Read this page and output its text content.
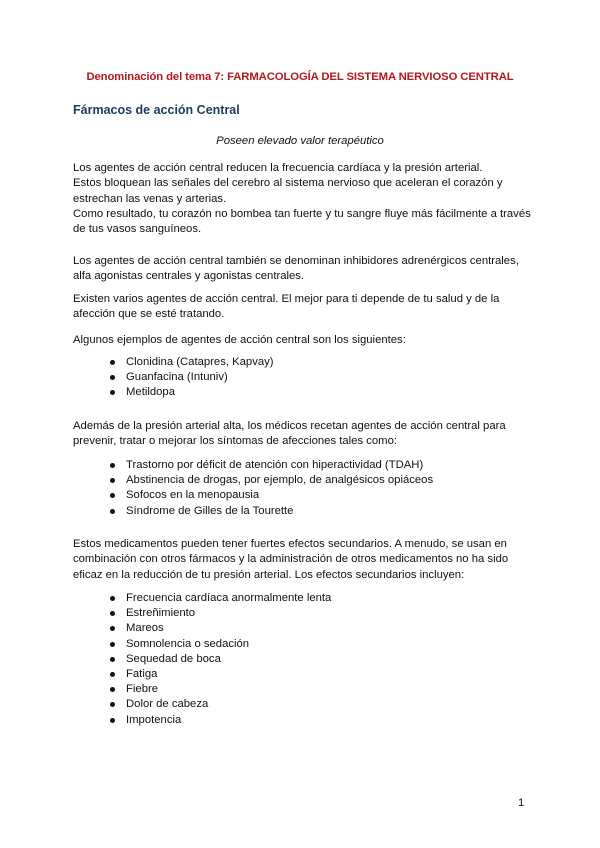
Denominación del tema 7: FARMACOLOGÍA DEL SISTEMA NERVIOSO CENTRAL
Fármacos de acción Central
Poseen elevado valor terapéutico

Los agentes de acción central reducen la frecuencia cardíaca y la presión arterial.

Estos bloquean las señales del cerebro al sistema nervioso que aceleran el corazón y estrechan las venas y arterias.

Como resultado, tu corazón no bombea tan fuerte y tu sangre fluye más fácilmente a través de tus vasos sanguíneos.

Los agentes de acción central también se denominan inhibidores adrenérgicos centrales, alfa agonistas centrales y agonistas centrales.
Existen varios agentes de acción central. El mejor para ti depende de tu salud y de la afección que se esté tratando.
Algunos ejemplos de agentes de acción central son los siguientes:
Clonidina (Catapres, Kapvay)
Guanfacina (Intuniv)
Metildopa
Además de la presión arterial alta, los médicos recetan agentes de acción central para prevenir, tratar o mejorar los síntomas de afecciones tales como:
Trastorno por déficit de atención con hiperactividad (TDAH)
Abstinencia de drogas, por ejemplo, de analgésicos opiáceos
Sofocos en la menopausia
Síndrome de Gilles de la Tourette
Estos medicamentos pueden tener fuertes efectos secundarios. A menudo, se usan en combinación con otros fármacos y la administración de otros medicamentos no ha sido eficaz en la reducción de tu presión arterial. Los efectos secundarios incluyen:
Frecuencia cardíaca anormalmente lenta
Estreñimiento
Mareos
Somnolencia o sedación
Sequedad de boca
Fatiga
Fiebre
Dolor de cabeza
Impotencia
1
